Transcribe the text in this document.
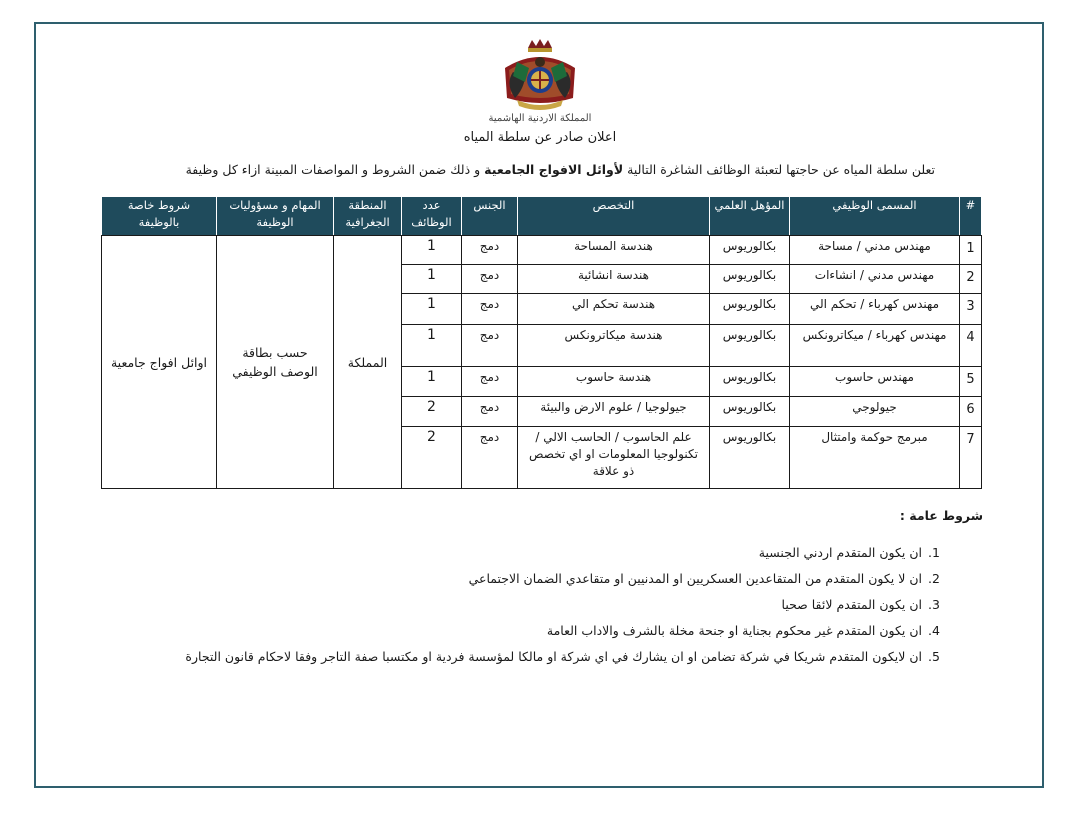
المملكة الاردنية الهاشمية
اعلان صادر عن سلطة المياه
تعلن سلطة المياه عن حاجتها لتعبئة الوظائف الشاغرة التالية لأوائل الافواج الجامعية و ذلك ضمن الشروط و المواصفات المبينة ازاء كل وظيفة
#	المسمى الوظيفي	المؤهل العلمي	التخصص	الجنس	عدد الوظائف	المنطقة الجغرافية	المهام و مسؤوليات الوظيفة	شروط خاصة بالوظيفة
1	مهندس مدني / مساحة	بكالوريوس	هندسة المساحة	دمج	1	المملكة	حسب بطاقة الوصف الوظيفي	اوائل افواج جامعية
2	مهندس مدني / انشاءات	بكالوريوس	هندسة انشائية	دمج	1			
3	مهندس كهرباء / تحكم الي	بكالوريوس	هندسة تحكم الي	دمج	1			
4	مهندس كهرباء / ميكاترونكس	بكالوريوس	هندسة ميكاترونكس	دمج	1			
5	مهندس حاسوب	بكالوريوس	هندسة حاسوب	دمج	1			
6	جيولوجي	بكالوريوس	جيولوجيا / علوم الارض والبيئة	دمج	2			
7	مبرمج حوكمة وامتثال	بكالوريوس	علم الحاسوب / الحاسب الالي / تكنولوجيا المعلومات او اي تخصص ذو علاقة	دمج	2			
شروط عامة :
.1ان يكون المتقدم اردني الجنسية
.2ان لا يكون المتقدم من المتقاعدين العسكريين او المدنيين او متقاعدي الضمان الاجتماعي
.3ان يكون المتقدم لائقا صحيا
.4ان يكون المتقدم غير محكوم بجناية او جنحة مخلة بالشرف والاداب العامة
.5ان لايكون المتقدم شريكا في شركة تضامن او ان يشارك في اي شركة او مالكا لمؤسسة فردية او مكتسبا صفة التاجر وفقا لاحكام قانون التجارة
